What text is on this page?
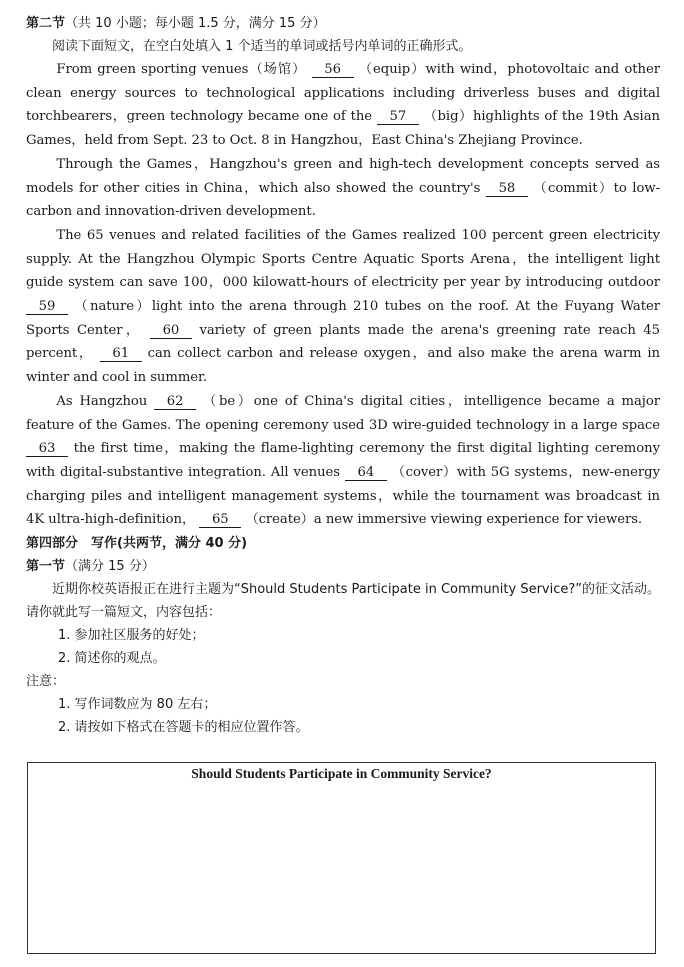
第二节（共 10 小题；每小题 1.5 分，满分 15 分）

阅读下面短文，在空白处填入 1 个适当的单词或括号内单词的正确形式。

From green sporting venues（场馆） 56 （equip）with wind，photovoltaic and other clean energy sources to technological applications including driverless buses and digital torchbearers，green technology became one of the 57 （big）highlights of the 19th Asian Games，held from Sept. 23 to Oct. 8 in Hangzhou，East China's Zhejiang Province.

Through the Games，Hangzhou's green and high-tech development concepts served as models for other cities in China，which also showed the country's 58 （commit）to low-carbon and innovation-driven development.

The 65 venues and related facilities of the Games realized 100 percent green electricity supply. At the Hangzhou Olympic Sports Centre Aquatic Sports Arena，the intelligent light guide system can save 100，000 kilowatt-hours of electricity per year by introducing outdoor 59 （nature）light into the arena through 210 tubes on the roof. At the Fuyang Water Sports Center， 60 variety of green plants made the arena's greening rate reach 45 percent， 61 can collect carbon and release oxygen，and also make the arena warm in winter and cool in summer.

As Hangzhou 62 （be）one of China's digital cities，intelligence became a major feature of the Games. The opening ceremony used 3D wire-guided technology in a large space 63 the first time，making the flame-lighting ceremony the first digital lighting ceremony with digital-substantive integration. All venues 64 （cover）with 5G systems，new-energy charging piles and intelligent management systems，while the tournament was broadcast in 4K ultra-high-definition， 65 （create）a new immersive viewing experience for viewers.

第四部分　写作(共两节，满分 40 分)

第一节（满分 15 分）

近期你校英语报正在进行主题为“Should Students Participate in Community Service?”的征文活动。请你就此写一篇短文，内容包括：

1. 参加社区服务的好处；
2. 简述你的观点。
注意：
1. 写作词数应为 80 左右；
2. 请按如下格式在答题卡的相应位置作答。
Should Students Participate in Community Service?
